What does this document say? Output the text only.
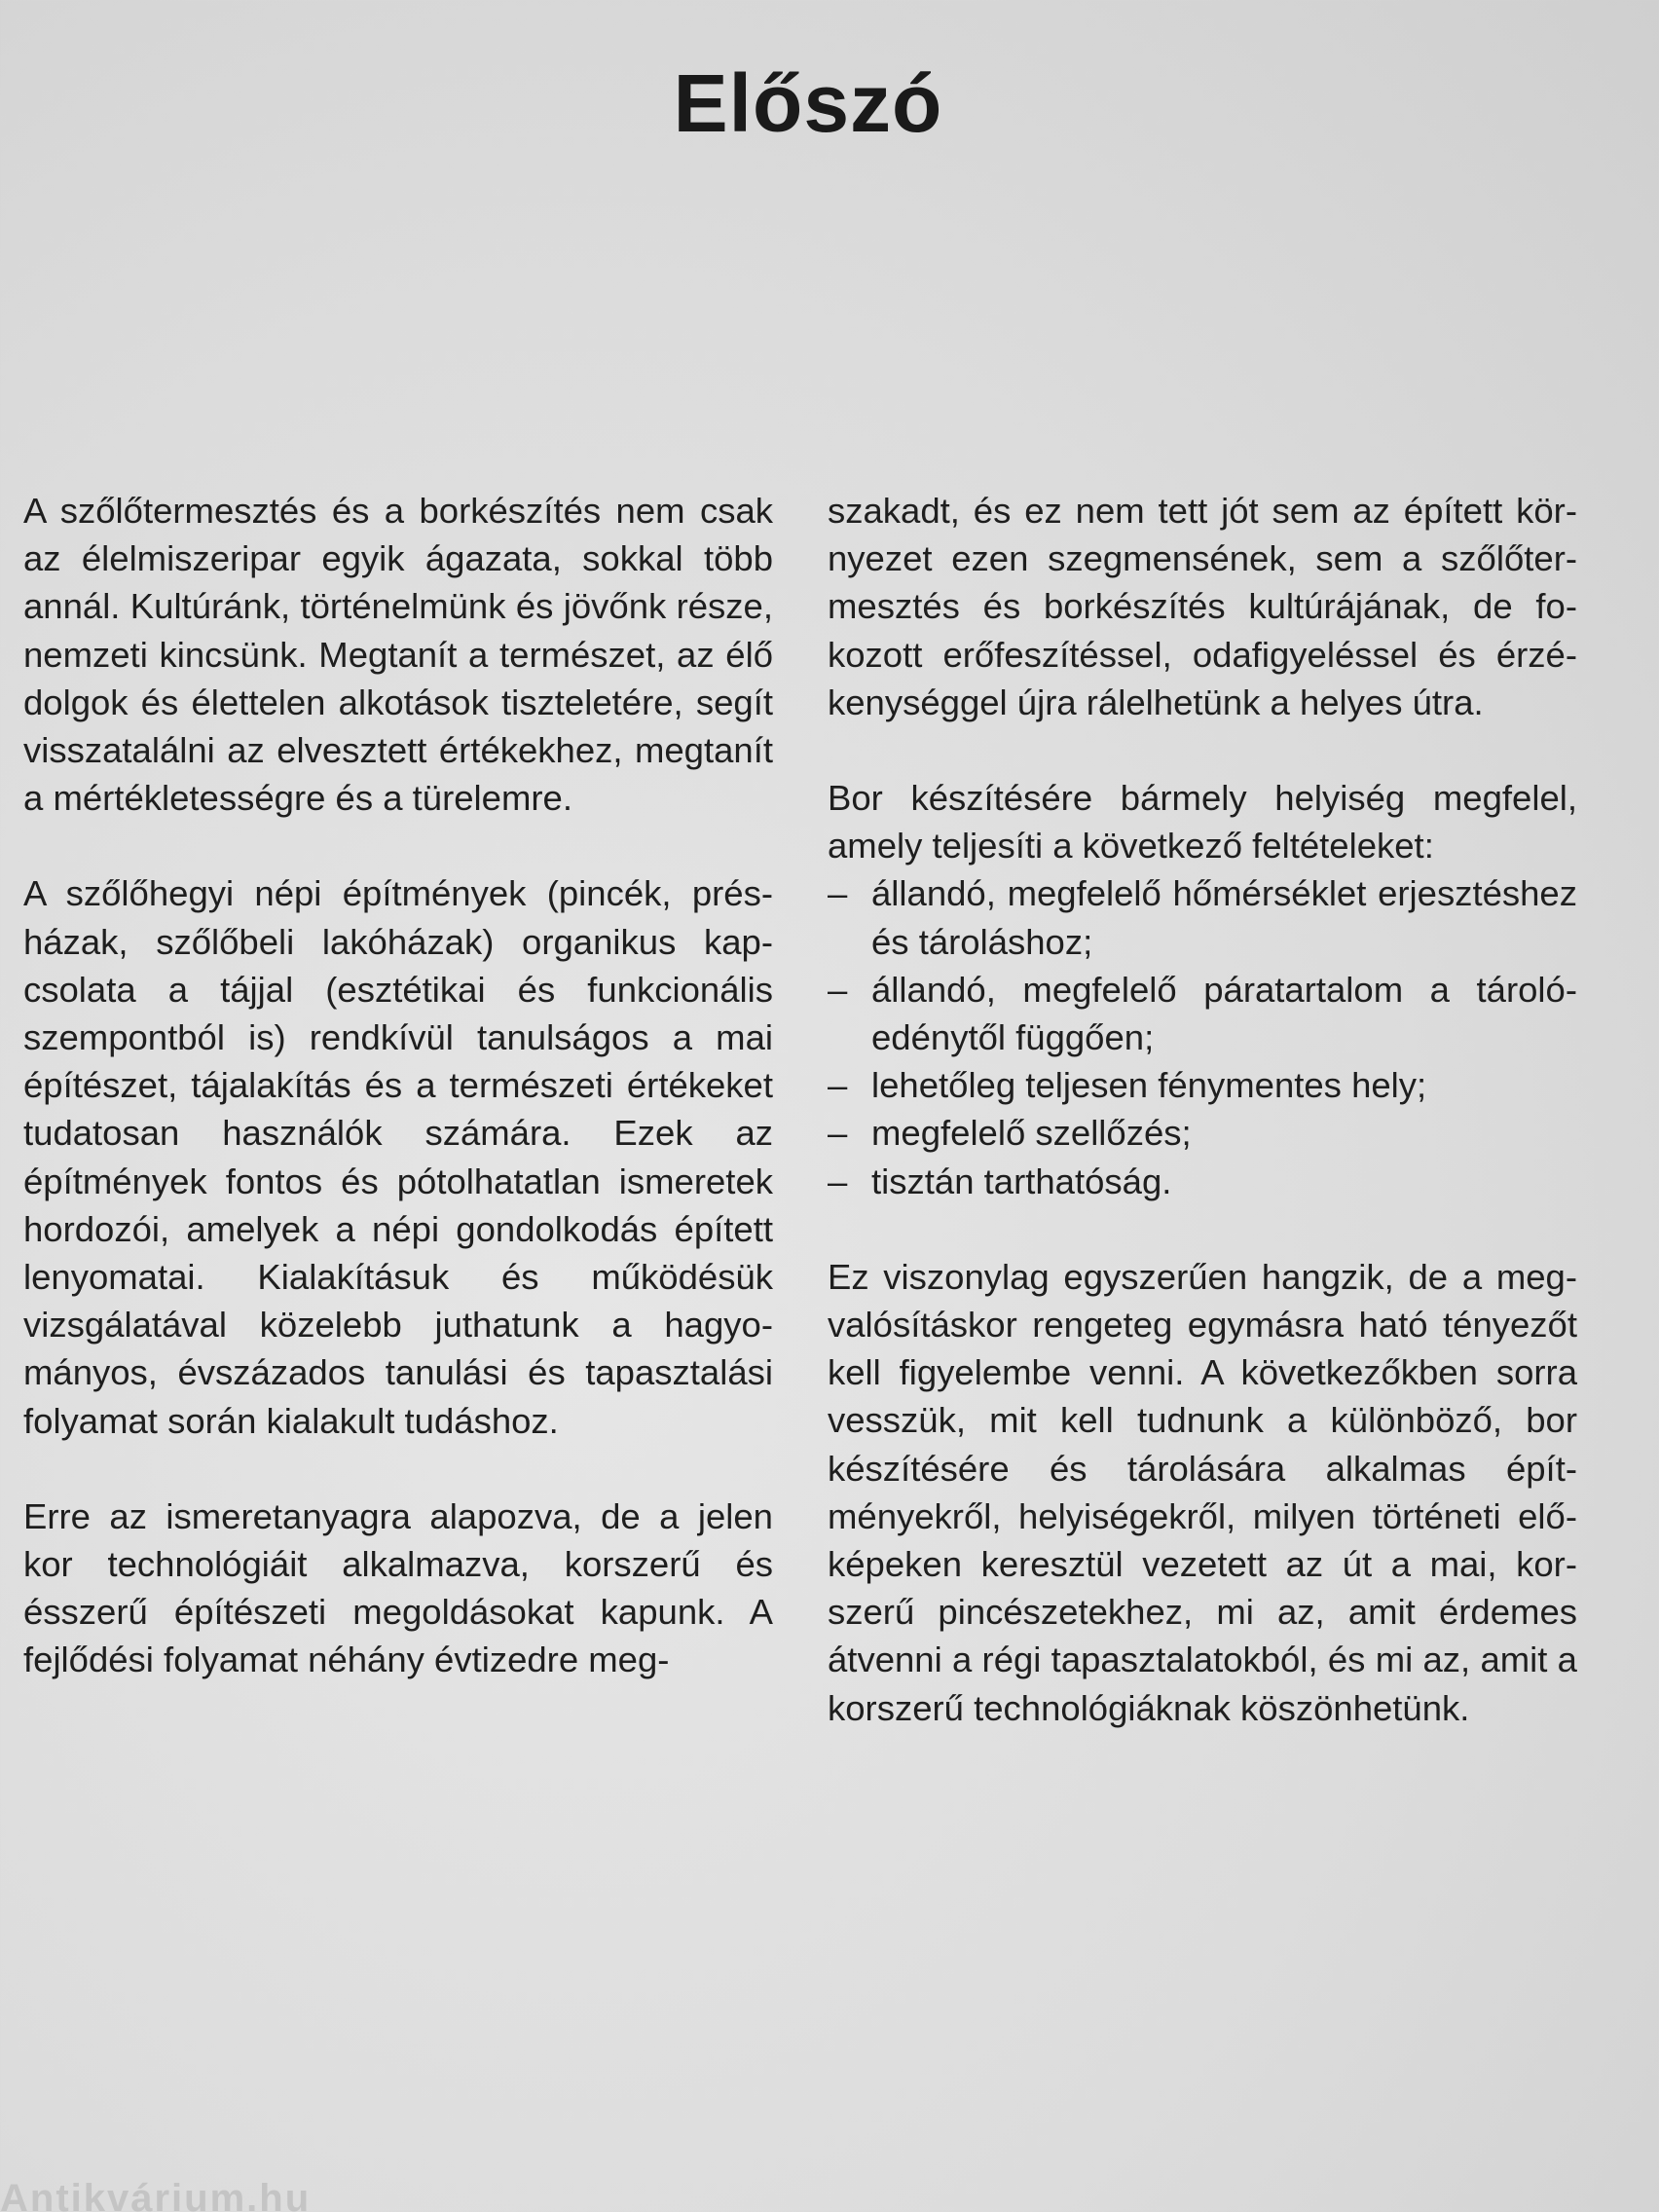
Előszó

A szőlőtermesztés és a borkészítés nem csak az élelmiszeripar egyik ágazata, sokkal több annál. Kultúránk, történelmünk és jövőnk része, nemzeti kincsünk. Megtanít a természet, az élő dolgok és élettelen alkotások tiszteletére, segít visszatalálni az elvesztett értékekhez, megtanít a mértékletességre és a türelemre.

A szőlőhegyi népi építmények (pincék, présházak, szőlőbeli lakóházak) organikus kapcsolata a tájjal (esztétikai és funkcionális szempontból is) rendkívül tanulságos a mai építészet, tájalakítás és a természeti értékeket tudatosan használók számára. Ezek az építmények fontos és pótolhatatlan ismeretek hordozói, amelyek a népi gondolkodás épített lenyomatai. Kialakításuk és működésük vizsgálatával közelebb juthatunk a hagyományos, évszázados tanulási és tapasztalási folyamat során kialakult tudáshoz.

Erre az ismeretanyagra alapozva, de a jelen kor technológiáit alkalmazva, korszerű és ésszerű építészeti megoldásokat kapunk. A fejlődési folyamat néhány évtizedre meg-

szakadt, és ez nem tett jót sem az épített környezet ezen szegmensének, sem a szőlőtermesztés és borkészítés kultúrájának, de fokozott erőfeszítéssel, odafigyeléssel és érzékenységgel újra rálelhetünk a helyes útra.

Bor készítésére bármely helyiség megfelel, amely teljesíti a következő feltételeket:

– állandó, megfelelő hőmérséklet erjesztéshez és tároláshoz;
– állandó, megfelelő páratartalom a tárolóedénytől függően;
– lehetőleg teljesen fénymentes hely;
– megfelelő szellőzés;
– tisztán tarthatóság.

Ez viszonylag egyszerűen hangzik, de a megvalósításkor rengeteg egymásra ható tényezőt kell figyelembe venni. A következőkben sorra vesszük, mit kell tudnunk a különböző, bor készítésére és tárolására alkalmas építményekről, helyiségekről, milyen történeti előképeken keresztül vezetett az út a mai, korszerű pincészetekhez, mi az, amit érdemes átvenni a régi tapasztalatokból, és mi az, amit a korszerű technológiáknak köszönhetünk.

Antikvárium.hu
